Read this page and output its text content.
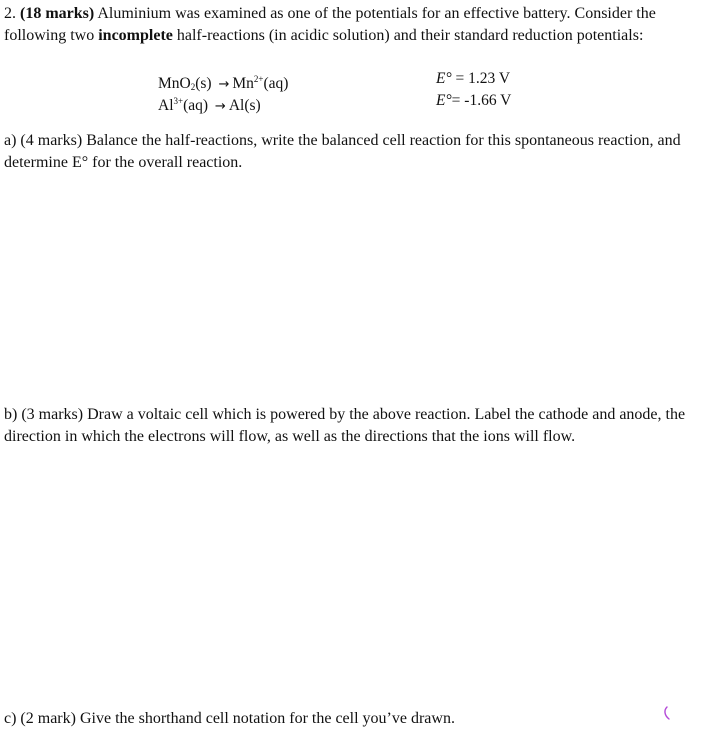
2. (18 marks) Aluminium was examined as one of the potentials for an effective battery. Consider the following two incomplete half-reactions (in acidic solution) and their standard reduction potentials:

$MnO_2(s) \to Mn^{2+}(aq)$	E° = 1.23 V
$Al^{3+}(aq) \to Al(s)$	E°= -1.66 V

a) (4 marks) Balance the half-reactions, write the balanced cell reaction for this spontaneous reaction, and determine E° for the overall reaction.

b) (3 marks) Draw a voltaic cell which is powered by the above reaction. Label the cathode and anode, the direction in which the electrons will flow, as well as the directions that the ions will flow.

c) (2 mark) Give the shorthand cell notation for the cell you’ve drawn.
